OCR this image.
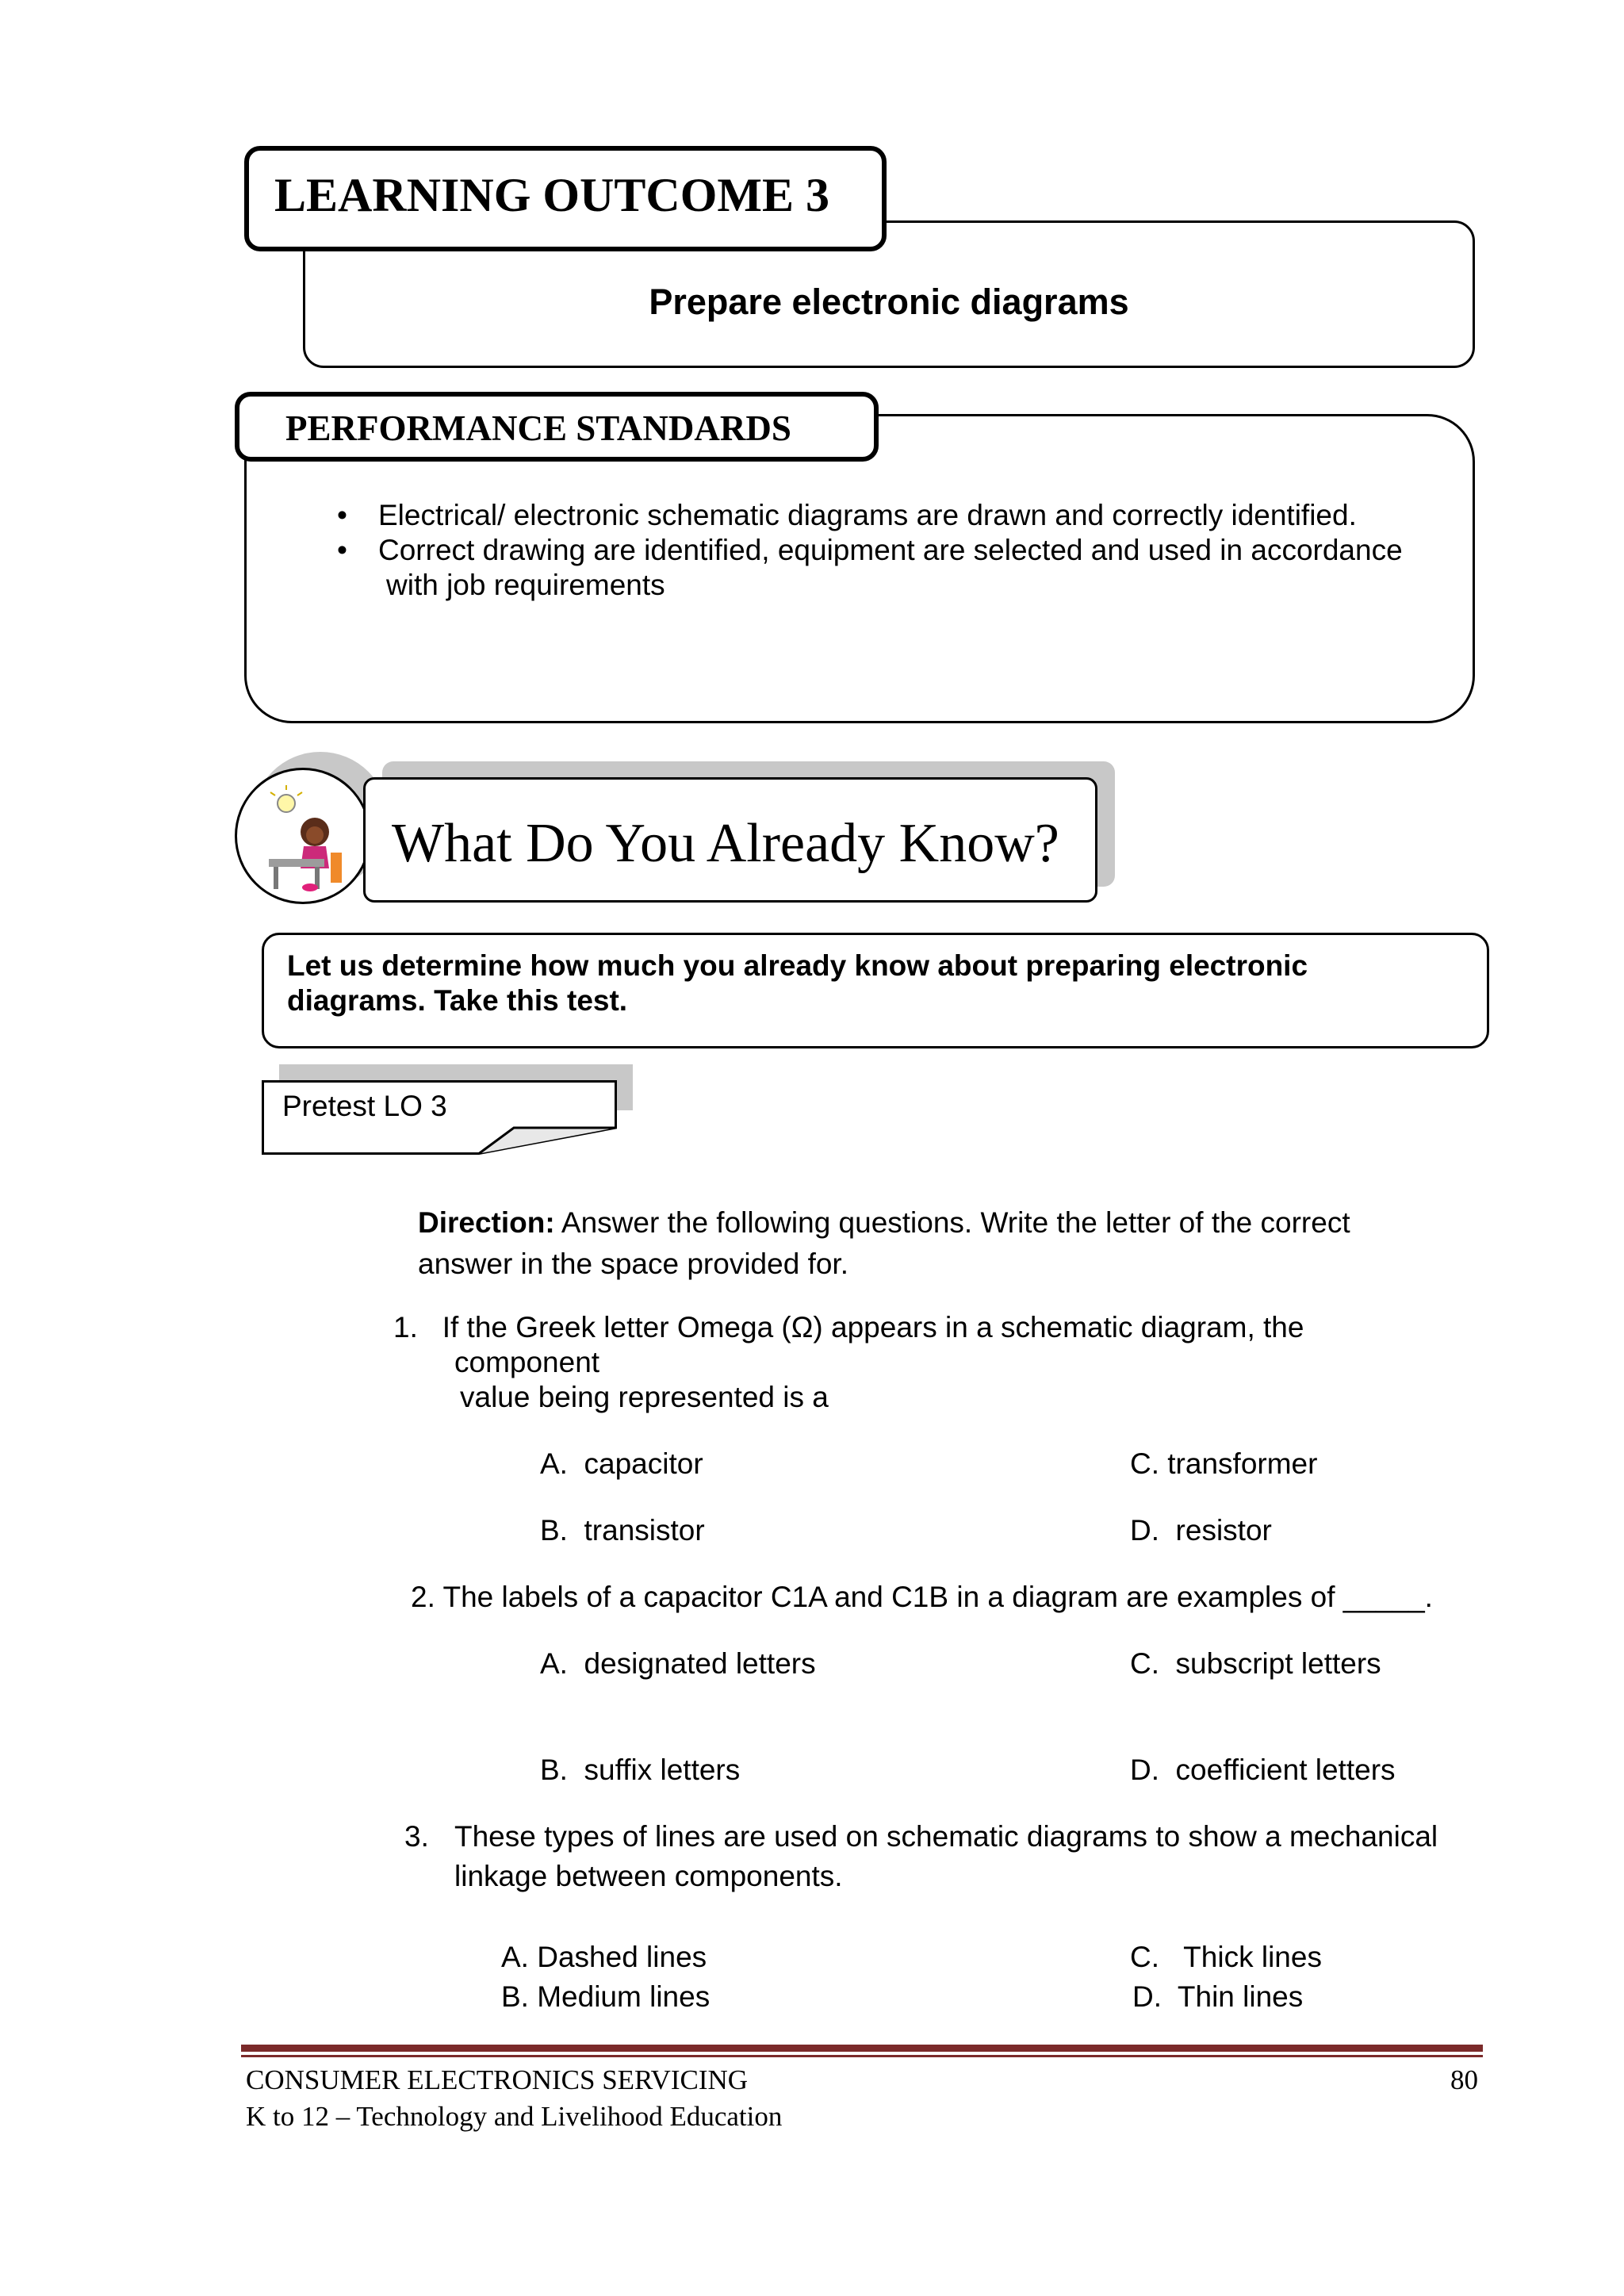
Prepare electronic diagrams
LEARNING OUTCOME 3
PERFORMANCE STANDARDS
• Electrical/ electronic schematic diagrams are drawn and correctly identified.
• Correct drawing are identified, equipment are selected and used in accordance
with job requirements
What Do You Already Know?
Let us determine how much you already know about preparing electronic
diagrams. Take this test.
Pretest LO 3
Direction: Answer the following questions. Write the letter of the correct
answer in the space provided for.
1.   If the Greek letter Omega (Ω) appears in a schematic diagram, the
component
value being represented is a
A.  capacitor	C. transformer
B.  transistor	D.  resistor
2. The labels of a capacitor C1A and C1B in a diagram are examples of _____.
A.  designated letters	C.  subscript letters
B.  suffix letters	D.  coefficient letters
3. These types of lines are used on schematic diagrams to show a mechanical
linkage between components.
A. Dashed lines	C.   Thick lines
B. Medium lines	D.  Thin lines
CONSUMER ELECTRONICS SERVICING
K to 12 – Technology and Livelihood Education
80
